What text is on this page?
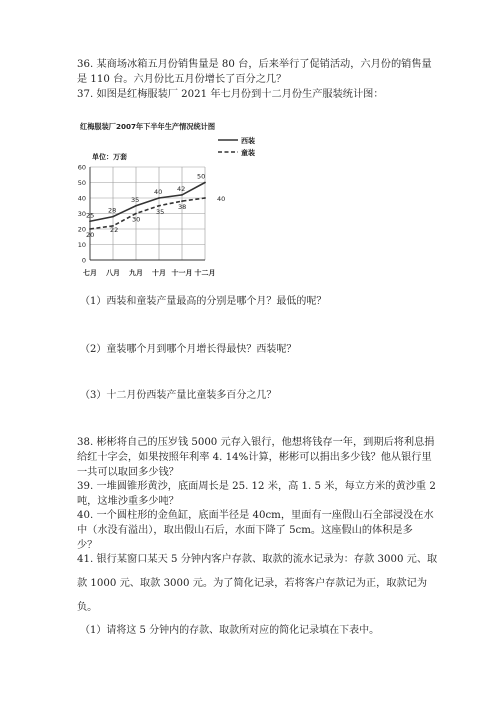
36. 某商场冰箱五月份销售量是 80 台，后来举行了促销活动，六月份的销售量
是 110 台。六月份比五月份增长了百分之几？
37. 如图是红梅服装厂 2021 年七月份到十二月份生产服装统计图：
红梅服装厂2007年下半年生产情况统计图
单位：万套
西装
童装
0
10
20
30
40
50
60
七月 八月 九月 十月 十一月 十二月
25
28
35
40 42
50
20
22
30
35
38
40
（1）西装和童装产量最高的分别是哪个月？最低的呢？
（2）童装哪个月到哪个月增长得最快？西装呢？
（3）十二月份西装产量比童装多百分之几？
38. 彬彬将自己的压岁钱 5000 元存入银行，他想将钱存一年，到期后将利息捐
给红十字会，如果按照年利率 4. 14%计算，彬彬可以捐出多少钱？他从银行里
一共可以取回多少钱？
39. 一堆圆锥形黄沙，底面周长是 25. 12 米，高 1. 5 米，每立方米的黄沙重 2
吨，这堆沙重多少吨？
40. 一个圆柱形的金鱼缸，底面半径是 40cm，里面有一座假山石全部浸没在水
中（水没有溢出），取出假山石后，水面下降了 5cm。这座假山的体积是多
少？
41. 银行某窗口某天 5 分钟内客户存款、取款的流水记录为：存款 3000 元、取
款 1000 元、取款 3000 元。为了简化记录，若将客户存款记为正，取款记为
负。
（1）请将这 5 分钟内的存款、取款所对应的简化记录填在下表中。
